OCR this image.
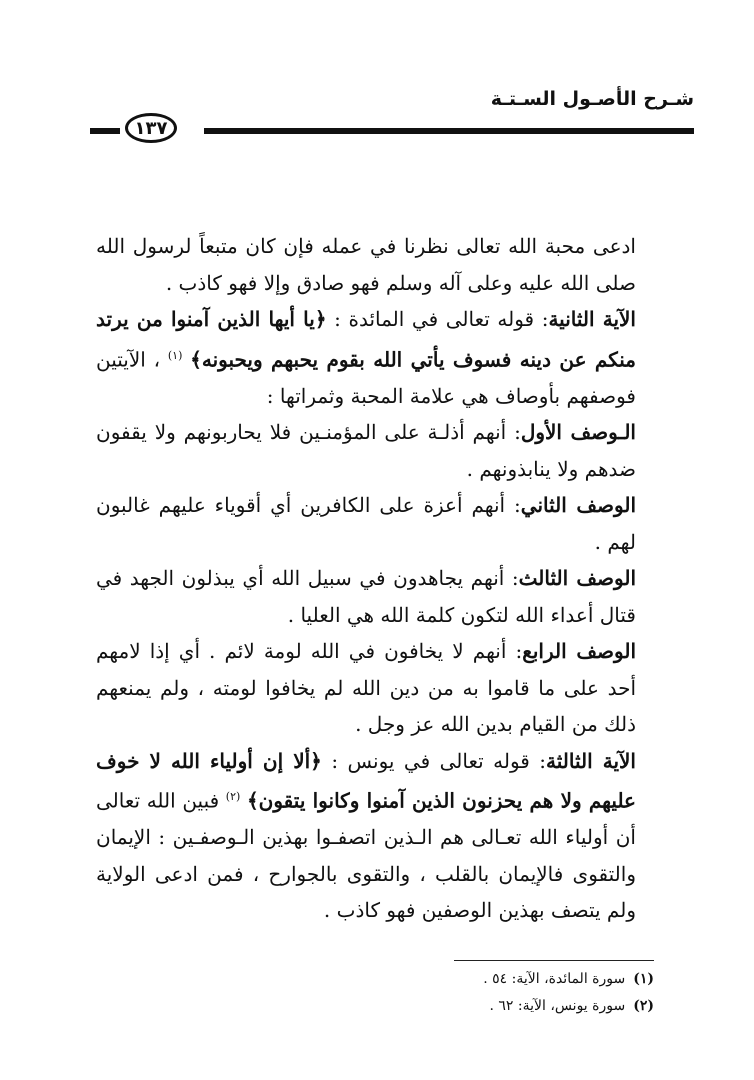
شـرح الأصـول السـتـة
١٣٧

ادعى محبة الله تعالى نظرنا في عمله فإن كان متبعاً لرسول الله صلى الله عليه وعلى آله وسلم فهو صادق وإلا فهو كاذب .

الآية الثانية: قوله تعالى في المائدة : ﴿يا أيها الذين آمنوا من يرتد منكم عن دينه فسوف يأتي الله بقوم يحبهم ويحبونه﴾ $^{(١)}$ ، الآيتين فوصفهم بأوصاف هي علامة المحبة وثمراتها :

الـوصف الأول: أنهم أذلـة على المؤمنـين فلا يحاربونهم ولا يقفون ضدهم ولا ينابذونهم .

الوصف الثاني: أنهم أعزة على الكافرين أي أقوياء عليهم غالبون لهم .

الوصف الثالث: أنهم يجاهدون في سبيل الله أي يبذلون الجهد في قتال أعداء الله لتكون كلمة الله هي العليا .

الوصف الرابع: أنهم لا يخافون في الله لومة لائم . أي إذا لامهم أحد على ما قاموا به من دين الله لم يخافوا لومته ، ولم يمنعهم ذلك من القيام بدين الله عز وجل .

الآية الثالثة: قوله تعالى في يونس : ﴿ألا إن أولياء الله لا خوف عليهم ولا هم يحزنون الذين آمنوا وكانوا يتقون﴾ $^{(٢)}$ فبين الله تعالى أن أولياء الله تعـالى هم الـذين اتصفـوا بهذين الـوصفـين : الإيمان والتقوى فالإيمان بالقلب ، والتقوى بالجوارح ، فمن ادعى الولاية ولم يتصف بهذين الوصفين فهو كاذب .

(١)سورة المائدة، الآية: ٥٤ .
(٢)سورة يونس، الآية: ٦٢ .
